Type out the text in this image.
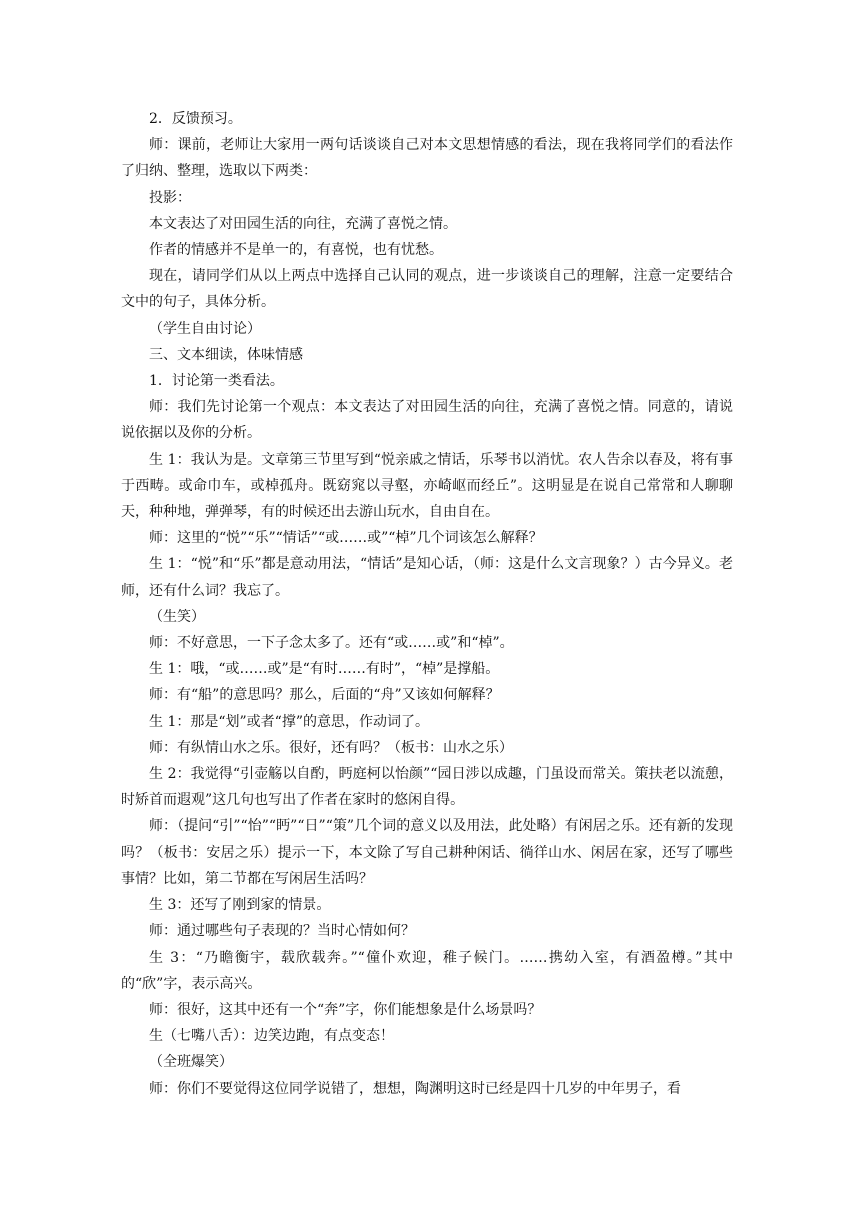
2．反馈预习。

师：课前，老师让大家用一两句话谈谈自己对本文思想情感的看法，现在我将同学们的看法作了归纳、整理，选取以下两类：

投影：

本文表达了对田园生活的向往，充满了喜悦之情。

作者的情感并不是单一的，有喜悦，也有忧愁。

现在，请同学们从以上两点中选择自己认同的观点，进一步谈谈自己的理解，注意一定要结合文中的句子，具体分析。

（学生自由讨论）

三、文本细读，体味情感

1．讨论第一类看法。

师：我们先讨论第一个观点：本文表达了对田园生活的向往，充满了喜悦之情。同意的，请说说依据以及你的分析。

生 1：我认为是。文章第三节里写到“悦亲戚之情话，乐琴书以消忧。农人告余以春及，将有事于西畴。或命巾车，或棹孤舟。既窈窕以寻壑，亦崎岖而经丘”。这明显是在说自己常常和人聊聊天，种种地，弹弹琴，有的时候还出去游山玩水，自由自在。

师：这里的“悦”“乐”“情话”“或……或”“棹”几个词该怎么解释？

生 1：“悦”和“乐”都是意动用法，“情话”是知心话，（师：这是什么文言现象？）古今异义。老师，还有什么词？我忘了。

（生笑）

师：不好意思，一下子念太多了。还有“或……或”和“棹”。

生 1：哦，“或……或”是“有时……有时”，“棹”是撑船。

师：有“船”的意思吗？那么，后面的“舟”又该如何解释？

生 1：那是“划”或者“撑”的意思，作动词了。

师：有纵情山水之乐。很好，还有吗？（板书：山水之乐）

生 2：我觉得“引壶觞以自酌，眄庭柯以怡颜”“园日涉以成趣，门虽设而常关。策扶老以流憩，时矫首而遐观”这几句也写出了作者在家时的悠闲自得。

师：（提问“引”“怡”“眄”“日”“策”几个词的意义以及用法，此处略）有闲居之乐。还有新的发现吗？（板书：安居之乐）提示一下，本文除了写自己耕种闲话、徜徉山水、闲居在家，还写了哪些事情？比如，第二节都在写闲居生活吗？

生 3：还写了刚到家的情景。

师：通过哪些句子表现的？当时心情如何？

生 3：“乃瞻衡宇，载欣载奔。”“僮仆欢迎，稚子候门。……携幼入室，有酒盈樽。”其中的“欣”字，表示高兴。

师：很好，这其中还有一个“奔”字，你们能想象是什么场景吗？

生（七嘴八舌）：边笑边跑，有点变态！

（全班爆笑）

师：你们不要觉得这位同学说错了，想想，陶渊明这时已经是四十几岁的中年男子，看
